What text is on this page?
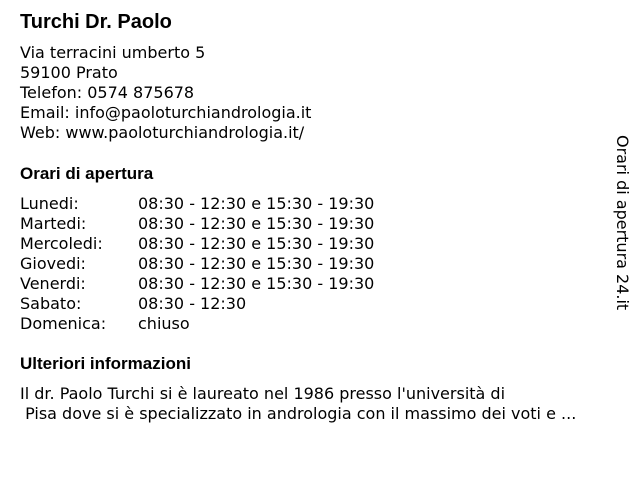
Turchi Dr. Paolo
Via terracini umberto 5
59100 Prato
Telefon: 0574 875678
Email: info@paoloturchiandrologia.it
Web: www.paoloturchiandrologia.it/
Orari di apertura
Lunedi:	08:30 - 12:30 e 15:30 - 19:30
Martedi:	08:30 - 12:30 e 15:30 - 19:30
Mercoledi:	08:30 - 12:30 e 15:30 - 19:30
Giovedi:	08:30 - 12:30 e 15:30 - 19:30
Venerdi:	08:30 - 12:30 e 15:30 - 19:30
Sabato:	08:30 - 12:30
Domenica:	chiuso
Ulteriori informazioni
Il dr. Paolo Turchi si è laureato nel 1986 presso l'università di
Pisa dove si è specializzato in andrologia con il massimo dei voti e ...
Orari di apertura 24.it
